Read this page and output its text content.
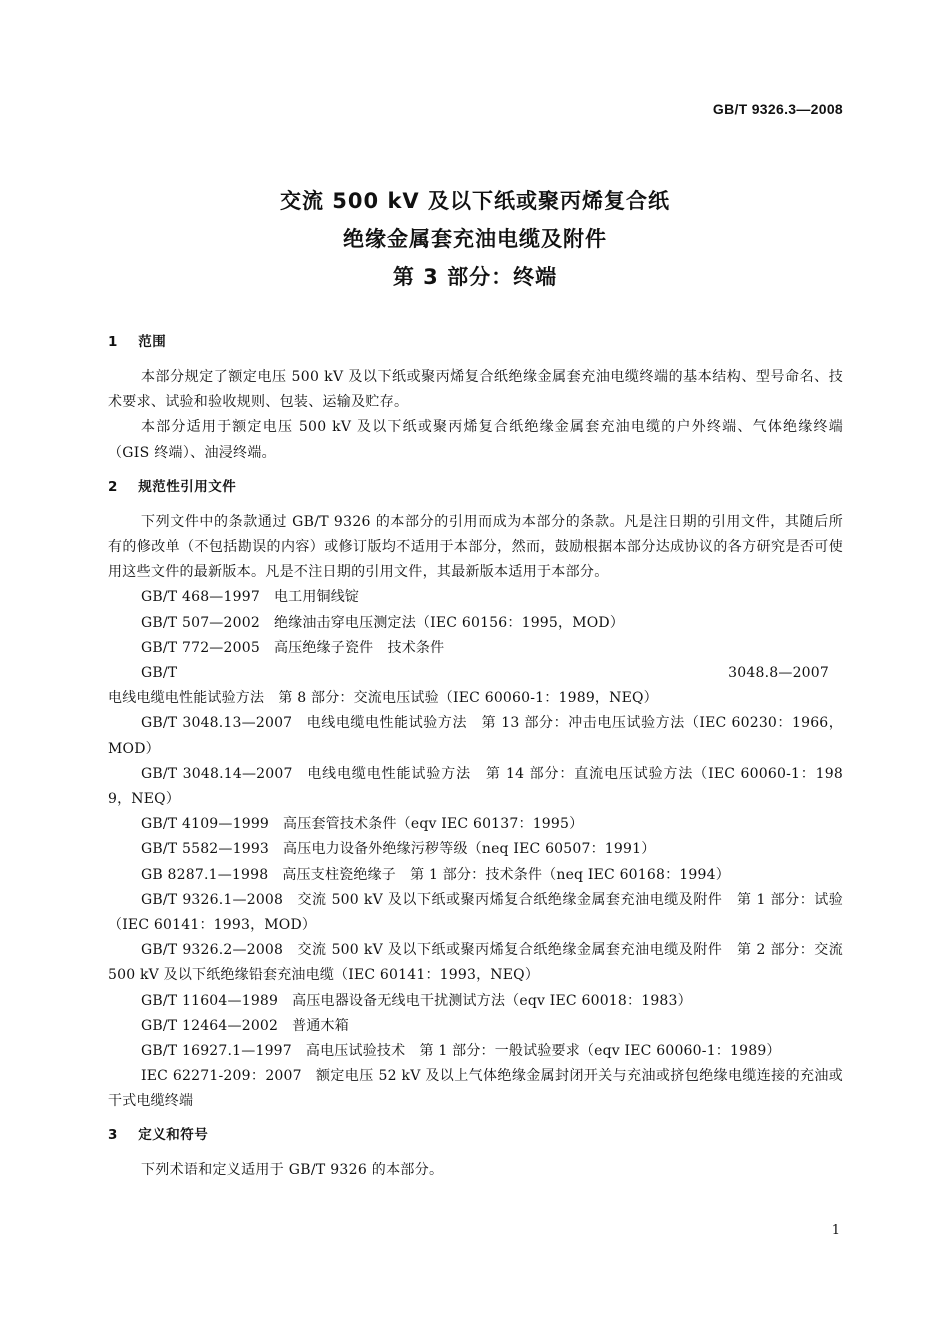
GB/T 9326.3—2008
交流 500 kV 及以下纸或聚丙烯复合纸
绝缘金属套充油电缆及附件
第 3 部分：终端
1 范围

本部分规定了额定电压 500 kV 及以下纸或聚丙烯复合纸绝缘金属套充油电缆终端的基本结构、型号命名、技术要求、试验和验收规则、包装、运输及贮存。

本部分适用于额定电压 500 kV 及以下纸或聚丙烯复合纸绝缘金属套充油电缆的户外终端、气体绝缘终端（GIS 终端）、油浸终端。

2 规范性引用文件

下列文件中的条款通过 GB/T 9326 的本部分的引用而成为本部分的条款。凡是注日期的引用文件，其随后所有的修改单（不包括勘误的内容）或修订版均不适用于本部分，然而，鼓励根据本部分达成协议的各方研究是否可使用这些文件的最新版本。凡是不注日期的引用文件，其最新版本适用于本部分。

GB/T 468—1997 电工用铜线锭
GB/T 507—2002 绝缘油击穿电压测定法（IEC 60156：1995，MOD）
GB/T 772—2005 高压绝缘子瓷件　技术条件
GB/T 3048.8—2007电线电缆电性能试验方法　第 8 部分：交流电压试验（IEC 60060-1：1989，NEQ）
GB/T 3048.13—2007 电线电缆电性能试验方法　第 13 部分：冲击电压试验方法（IEC 60230：1966，MOD）
GB/T 3048.14—2007 电线电缆电性能试验方法　第 14 部分：直流电压试验方法（IEC 60060-1：1989，NEQ）
GB/T 4109—1999 高压套管技术条件（eqv IEC 60137：1995）
GB/T 5582—1993 高压电力设备外绝缘污秽等级（neq IEC 60507：1991）
GB 8287.1—1998 高压支柱瓷绝缘子　第 1 部分：技术条件（neq IEC 60168：1994）
GB/T 9326.1—2008 交流 500 kV 及以下纸或聚丙烯复合纸绝缘金属套充油电缆及附件　第 1 部分：试验（IEC 60141：1993，MOD）
GB/T 9326.2—2008 交流 500 kV 及以下纸或聚丙烯复合纸绝缘金属套充油电缆及附件　第 2 部分：交流 500 kV 及以下纸绝缘铅套充油电缆（IEC 60141：1993，NEQ）
GB/T 11604—1989 高压电器设备无线电干扰测试方法（eqv IEC 60018：1983）
GB/T 12464—2002 普通木箱
GB/T 16927.1—1997 高电压试验技术　第 1 部分：一般试验要求（eqv IEC 60060-1：1989）
IEC 62271-209：2007 额定电压 52 kV 及以上气体绝缘金属封闭开关与充油或挤包绝缘电缆连接的充油或干式电缆终端
3 定义和符号

下列术语和定义适用于 GB/T 9326 的本部分。

1
